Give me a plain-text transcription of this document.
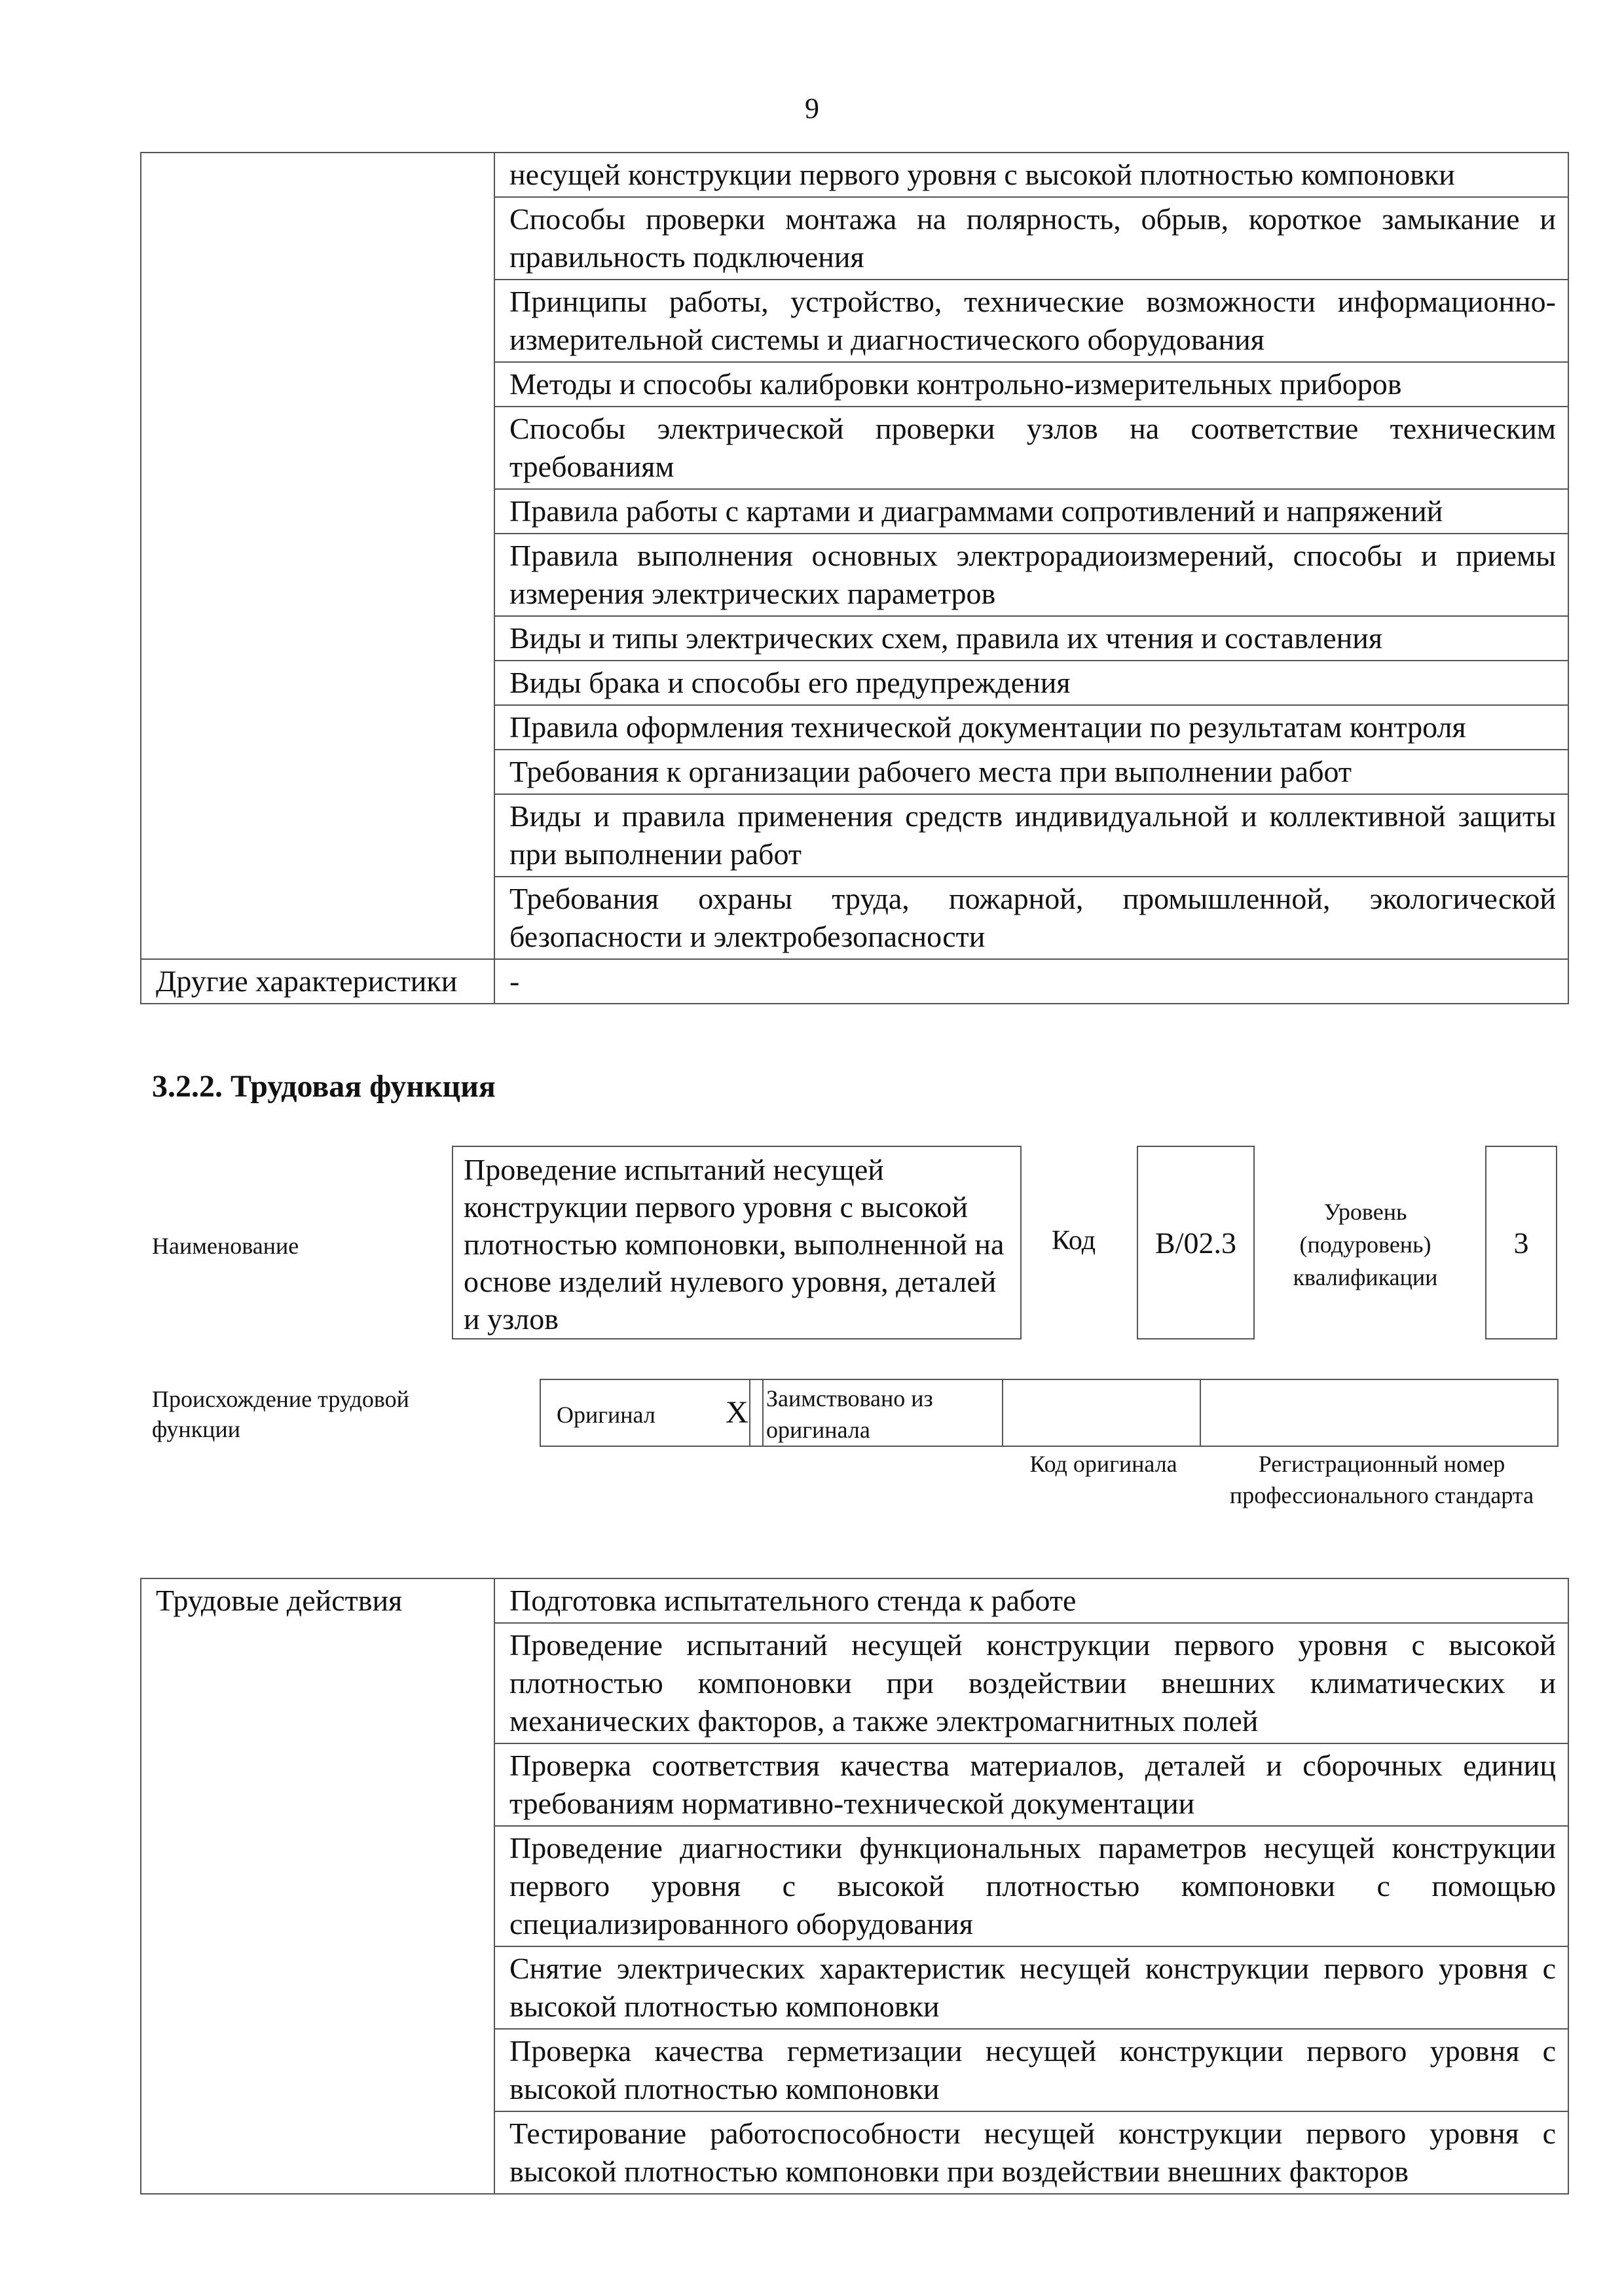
9
	несущей конструкции первого уровня с высокой плотностью компоновки
	Способы проверки монтажа на полярность, обрыв, короткое замыкание и правильность подключения
	Принципы работы, устройство, технические возможности информационно-измерительной системы и диагностического оборудования
	Методы и способы калибровки контрольно-измерительных приборов
	Способы электрической проверки узлов на соответствие техническим требованиям
	Правила работы с картами и диаграммами сопротивлений и напряжений
	Правила выполнения основных электрорадиоизмерений, способы и приемы измерения электрических параметров
	Виды и типы электрических схем, правила их чтения и составления
	Виды брака и способы его предупреждения
	Правила оформления технической документации по результатам контроля
	Требования к организации рабочего места при выполнении работ
	Виды и правила применения средств индивидуальной и коллективной защиты при выполнении работ
	Требования охраны труда, пожарной, промышленной, экологической безопасности и электробезопасности
Другие характеристики	-
3.2.2. Трудовая функция
Наименование
Проведение испытаний несущей конструкции первого уровня с высокой плотностью компоновки, выполненной на основе изделий нулевого уровня, деталей и узлов
Код B/02.3
Уровень (подуровень) квалификации
3
Происхождение трудовой функции
Оригинал X Заимствовано из оригинала
Код оригинала	Регистрационный номер профессионального стандарта
Трудовые действия	Подготовка испытательного стенда к работе
Проведение испытаний несущей конструкции первого уровня с высокой плотностью компоновки при воздействии внешних климатических и механических факторов, а также электромагнитных полей
Проверка соответствия качества материалов, деталей и сборочных единиц требованиям нормативно-технической документации
Проведение диагностики функциональных параметров несущей конструкции первого уровня с высокой плотностью компоновки с помощью специализированного оборудования
Снятие электрических характеристик несущей конструкции первого уровня с высокой плотностью компоновки
Проверка качества герметизации несущей конструкции первого уровня с высокой плотностью компоновки
Тестирование работоспособности несущей конструкции первого уровня с высокой плотностью компоновки при воздействии внешних факторов
